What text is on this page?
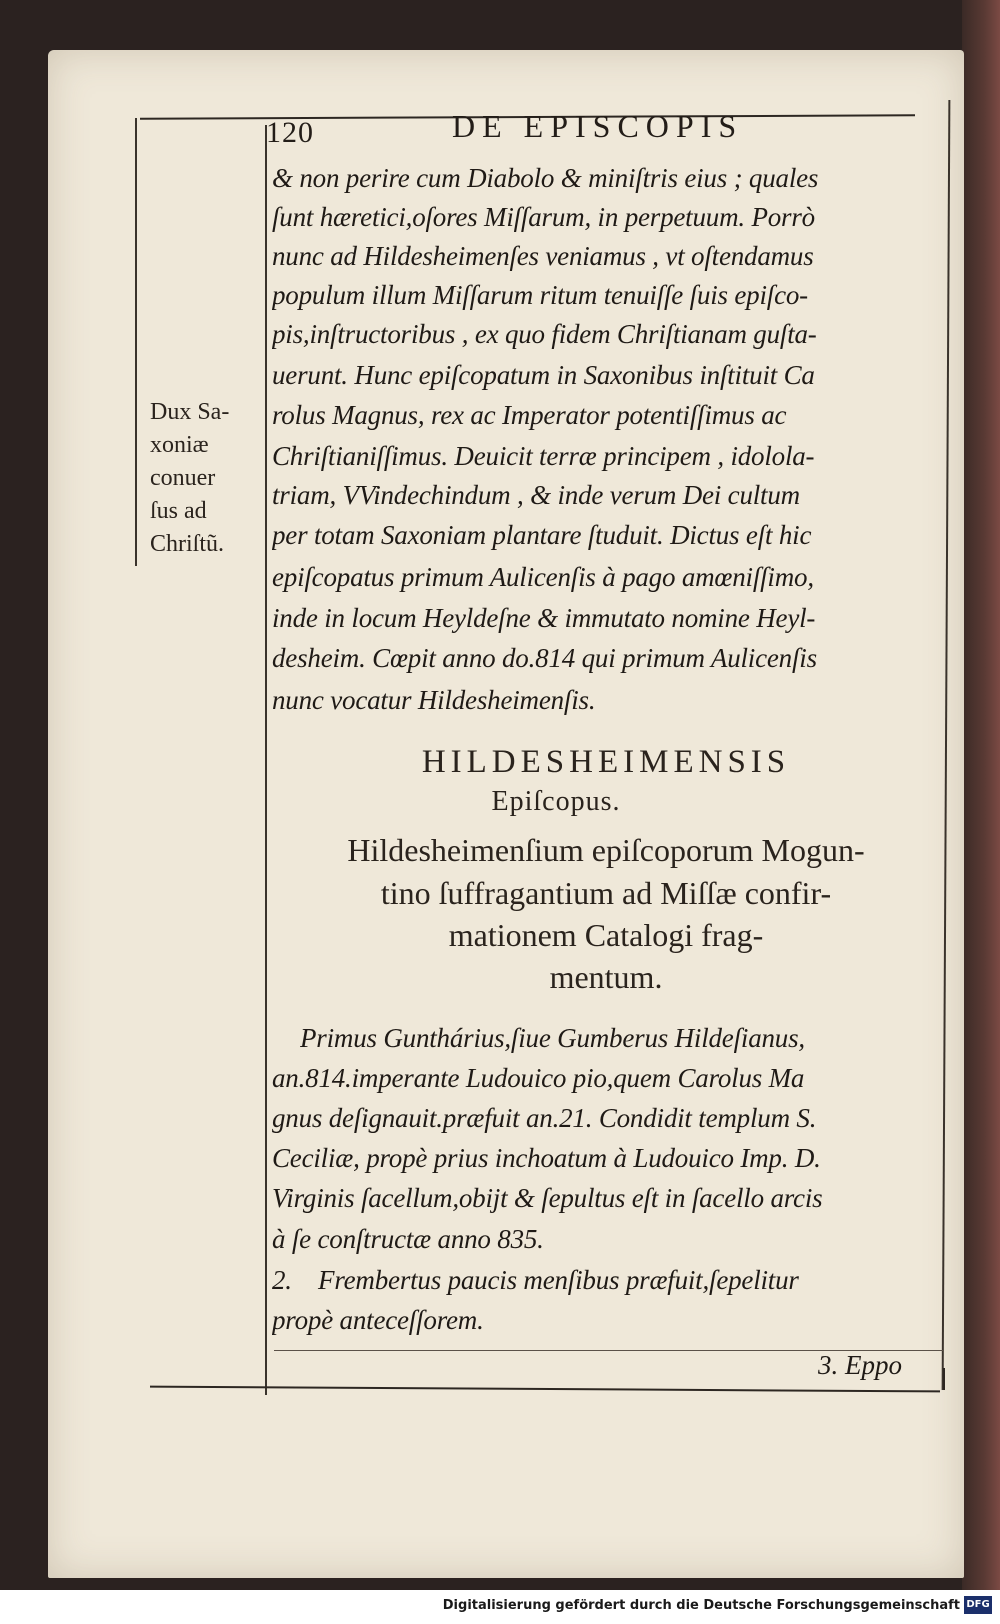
120	DE EPISCOPIS
Dux Sa-
xoniæ
conuer
ſus ad
Chriſtũ.
& non perire cum Diabolo & miniſtris eius ; quales
ſunt hæretici,oſores Miſſarum, in perpetuum. Porrò
nunc ad Hildesheimenſes veniamus , vt oſtendamus
populum illum Miſſarum ritum tenuiſſe ſuis epiſco-
pis,inſtructoribus , ex quo fidem Chriſtianam guſta-
uerunt. Hunc epiſcopatum in Saxonibus inſtituit Ca
rolus Magnus, rex ac Imperator potentiſſimus ac
Chriſtianiſſimus. Deuicit terræ principem , idolola-
triam, VVindechindum , & inde verum Dei cultum
per totam Saxoniam plantare ſtuduit. Dictus eſt hic
epiſcopatus primum Aulicenſis à pago amœniſſimo,
inde in locum Heyldeſne & immutato nomine Heyl-
desheim. Cœpit anno do.814 qui primum Aulicenſis
nunc vocatur Hildesheimenſis.
HILDESHEIMENSIS
Epiſcopus.
Hildesheimenſium epiſcoporum Mogun-
tino ſuffragantium ad Miſſæ confir-
mationem Catalogi frag-
mentum.
Primus Gunthárius,ſiue Gumberus Hildeſianus,
an.814.imperante Ludouico pio,quem Carolus Ma
gnus deſignauit.præfuit an.21. Condidit templum S.
Ceciliæ, propè prius inchoatum à Ludouico Imp. D.
Virginis ſacellum,obijt & ſepultus eſt in ſacello arcis
à ſe conſtructæ anno 835.
2.    Frembertus paucis menſibus præfuit,ſepelitur
propè anteceſſorem.
3. Eppo
Digitalisierung gefördert durch die Deutsche Forschungsgemeinschaft DFG
